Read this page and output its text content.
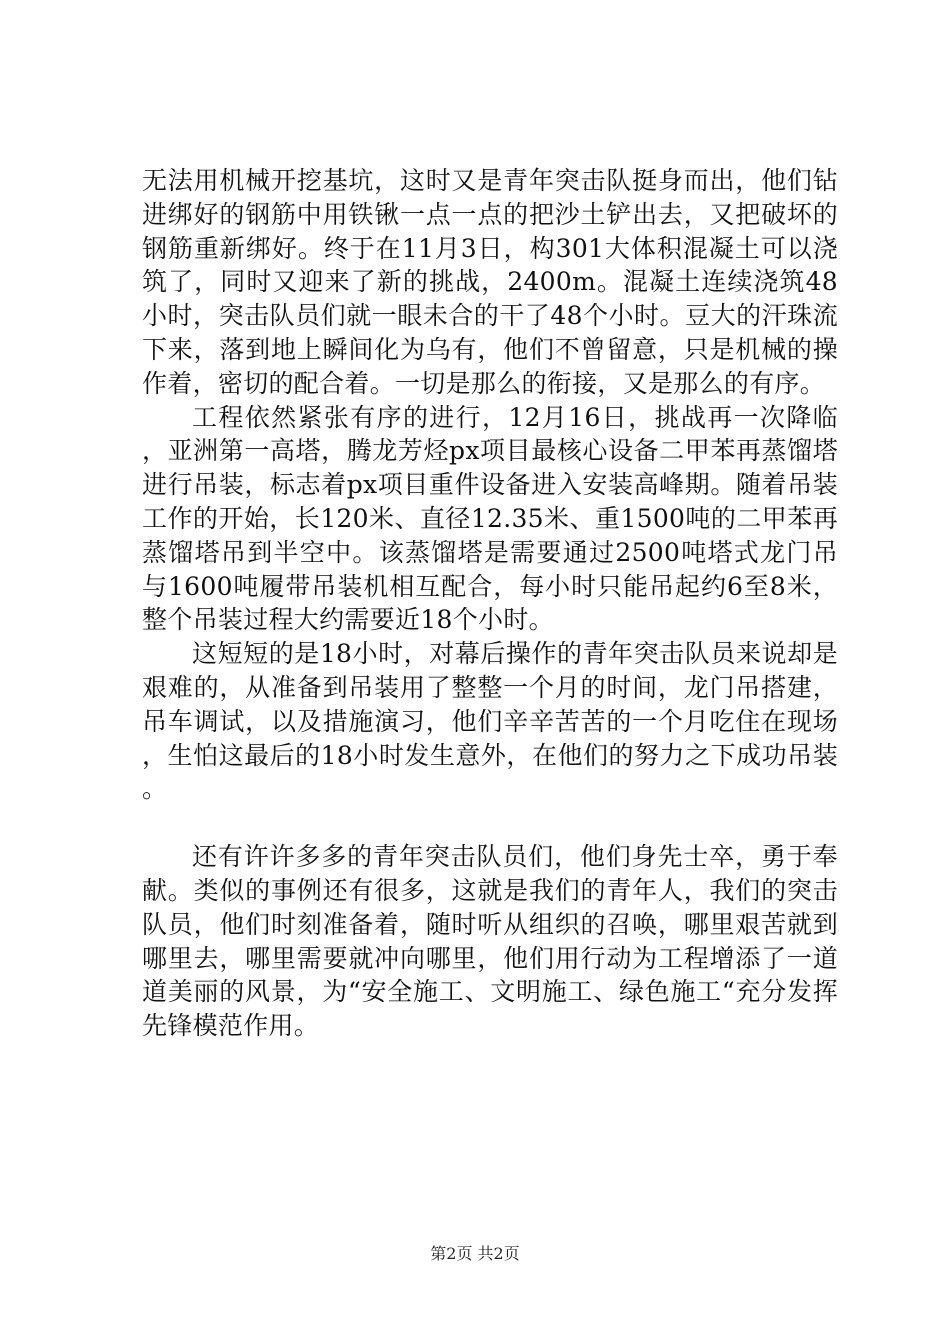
无法用机械开挖基坑，这时又是青年突击队挺身而出，他们钻进绑好的钢筋中用铁锹一点一点的把沙土铲出去，又把破坏的钢筋重新绑好。终于在11月3日，构301大体积混凝土可以浇筑了，同时又迎来了新的挑战，2400m。混凝土连续浇筑48小时，突击队员们就一眼未合的干了48个小时。豆大的汗珠流下来，落到地上瞬间化为乌有，他们不曾留意，只是机械的操作着，密切的配合着。一切是那么的衔接，又是那么的有序。

工程依然紧张有序的进行，12月16日，挑战再一次降临，亚洲第一高塔，腾龙芳烃px项目最核心设备二甲苯再蒸馏塔进行吊装，标志着px项目重件设备进入安装高峰期。随着吊装工作的开始，长120米、直径12.35米、重1500吨的二甲苯再蒸馏塔吊到半空中。该蒸馏塔是需要通过2500吨塔式龙门吊与1600吨履带吊装机相互配合，每小时只能吊起约6至8米，整个吊装过程大约需要近18个小时。

这短短的是18小时，对幕后操作的青年突击队员来说却是艰难的，从准备到吊装用了整整一个月的时间，龙门吊搭建，吊车调试，以及措施演习，他们辛辛苦苦的一个月吃住在现场，生怕这最后的18小时发生意外，在他们的努力之下成功吊装。

还有许许多多的青年突击队员们，他们身先士卒，勇于奉献。类似的事例还有很多，这就是我们的青年人，我们的突击队员，他们时刻准备着，随时听从组织的召唤，哪里艰苦就到哪里去，哪里需要就冲向哪里，他们用行动为工程增添了一道道美丽的风景，为“安全施工、文明施工、绿色施工“充分发挥先锋模范作用。

第2页 共2页
